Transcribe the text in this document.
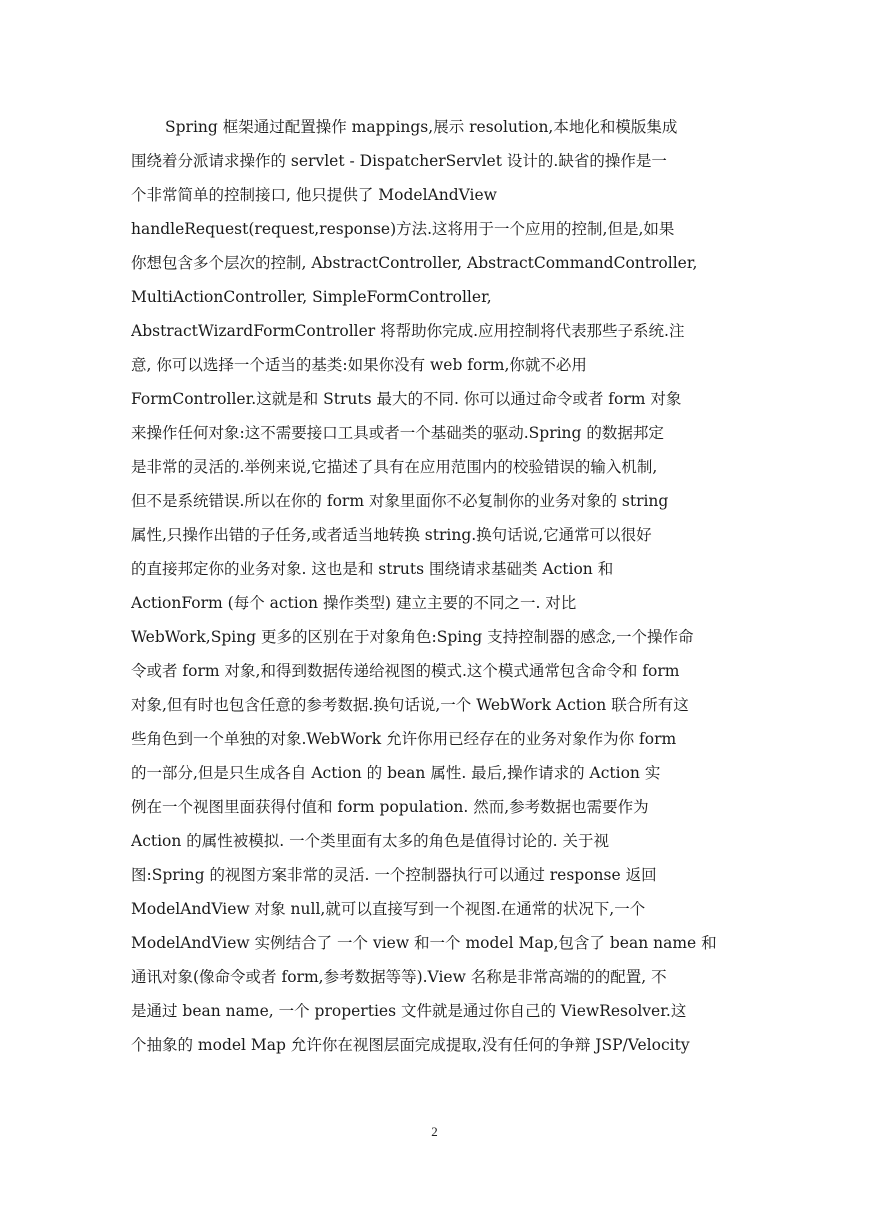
Spring 框架通过配置操作 mappings,展示 resolution,本地化和模版集成
围绕着分派请求操作的 servlet - DispatcherServlet 设计的.缺省的操作是一
个非常简单的控制接口, 他只提供了 ModelAndView
handleRequest(request,response)方法.这将用于一个应用的控制,但是,如果
你想包含多个层次的控制, AbstractController, AbstractCommandController,
MultiActionController, SimpleFormController,
AbstractWizardFormController 将帮助你完成.应用控制将代表那些子系统.注
意, 你可以选择一个适当的基类:如果你没有 web form,你就不必用
FormController.这就是和 Struts 最大的不同. 你可以通过命令或者 form 对象
来操作任何对象:这不需要接口工具或者一个基础类的驱动.Spring 的数据邦定
是非常的灵活的.举例来说,它描述了具有在应用范围内的校验错误的输入机制,
但不是系统错误.所以在你的 form 对象里面你不必复制你的业务对象的 string
属性,只操作出错的子任务,或者适当地转换 string.换句话说,它通常可以很好
的直接邦定你的业务对象. 这也是和 struts 围绕请求基础类 Action 和
ActionForm (每个 action 操作类型) 建立主要的不同之一. 对比
WebWork,Sping 更多的区别在于对象角色:Sping 支持控制器的感念,一个操作命
令或者 form 对象,和得到数据传递给视图的模式.这个模式通常包含命令和 form
对象,但有时也包含任意的参考数据.换句话说,一个 WebWork Action 联合所有这
些角色到一个单独的对象.WebWork 允许你用已经存在的业务对象作为你 form
的一部分,但是只生成各自 Action 的 bean 属性. 最后,操作请求的 Action 实
例在一个视图里面获得付值和 form population. 然而,参考数据也需要作为
Action 的属性被模拟. 一个类里面有太多的角色是值得讨论的. 关于视
图:Spring 的视图方案非常的灵活. 一个控制器执行可以通过 response 返回
ModelAndView 对象 null,就可以直接写到一个视图.在通常的状况下,一个
ModelAndView 实例结合了 一个 view 和一个 model Map,包含了 bean name 和
通讯对象(像命令或者 form,参考数据等等).View 名称是非常高端的的配置, 不
是通过 bean name, 一个 properties 文件就是通过你自己的 ViewResolver.这
个抽象的 model Map 允许你在视图层面完成提取,没有任何的争辩 JSP/Velocity
2
